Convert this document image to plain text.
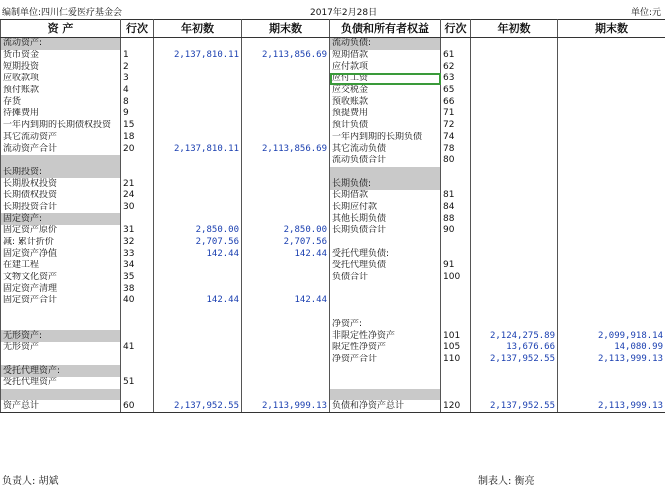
编制单位:四川仁爱医疗基金会	2017年2月28日	单位:元
资 产	行次	年初数	期末数	负债和所有者权益	行次	年初数	期末数
流动资产:				流动负债:			
货币资金	1	2,137,810.11	2,113,856.69	短期借款	61		
短期投资	2			应付款项	62		
应收款项	3			应付工资	63		
预付账款	4			应交税金	65		
存货	8			预收账款	66		
待摊费用	9			预提费用	71		
一年内到期的长期债权投资	15			预计负债	72		
其它流动资产	18			一年内到期的长期负债	74		
流动资产合计	20	2,137,810.11	2,113,856.69	其它流动负债	78		
				流动负债合计	80		
长期投资:							
长期股权投资	21			长期负债:			
长期债权投资	24			长期借款	81		
长期投资合计	30			长期应付款	84		
固定资产:				其他长期负债	88		
固定资产原价	31	2,850.00	2,850.00	长期负债合计	90		
减: 累计折价	32	2,707.56	2,707.56				
固定资产净值	33	142.44	142.44	受托代理负债:			
在建工程	34			受托代理负债	91		
文物文化资产	35			负债合计	100		
固定资产清理	38						
固定资产合计	40	142.44	142.44				

				净资产:			
无形资产:				非限定性净资产	101	2,124,275.89	2,099,918.14
无形资产	41			限定性净资产	105	13,676.66	14,080.99
				净资产合计	110	2,137,952.55	2,113,999.13
受托代理资产:							
受托代理资产	51						

资产总计	60	2,137,952.55	2,113,999.13	负债和净资产总计	120	2,137,952.55	2,113,999.13
负责人: 胡斌	制表人: 衡亮
